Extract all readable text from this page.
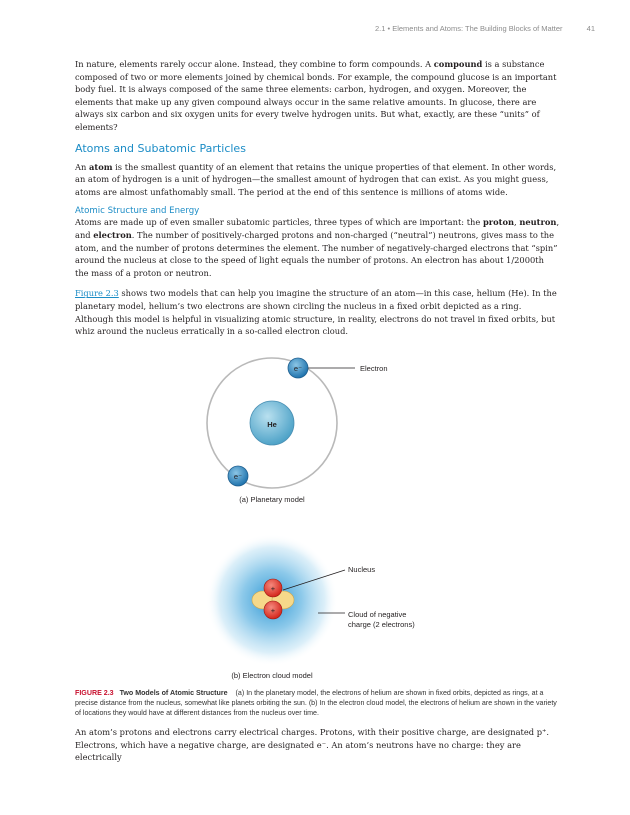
2.1 • Elements and Atoms: The Building Blocks of Matter	41

In nature, elements rarely occur alone. Instead, they combine to form compounds. A compound is a substance composed of two or more elements joined by chemical bonds. For example, the compound glucose is an important body fuel. It is always composed of the same three elements: carbon, hydrogen, and oxygen. Moreover, the elements that make up any given compound always occur in the same relative amounts. In glucose, there are always six carbon and six oxygen units for every twelve hydrogen units. But what, exactly, are these “units” of elements?

Atoms and Subatomic Particles

An atom is the smallest quantity of an element that retains the unique properties of that element. In other words, an atom of hydrogen is a unit of hydrogen—the smallest amount of hydrogen that can exist. As you might guess, atoms are almost unfathomably small. The period at the end of this sentence is millions of atoms wide.

Atomic Structure and Energy

Atoms are made up of even smaller subatomic particles, three types of which are important: the proton, neutron, and electron. The number of positively-charged protons and non-charged (“neutral”) neutrons, gives mass to the atom, and the number of protons determines the element. The number of negatively-charged electrons that “spin” around the nucleus at close to the speed of light equals the number of protons. An electron has about 1/2000th the mass of a proton or neutron.

Figure 2.3 shows two models that can help you imagine the structure of an atom—in this case, helium (He). In the planetary model, helium’s two electrons are shown circling the nucleus in a fixed orbit depicted as a ring. Although this model is helpful in visualizing atomic structure, in reality, electrons do not travel in fixed orbits, but whiz around the nucleus erratically in a so-called electron cloud.

He
e⁻
e⁻
Electron
(a) Planetary model
+
+
Nucleus
Cloud of negative
charge (2 electrons)
(b) Electron cloud model
FIGURE 2.3 Two Models of Atomic Structure (a) In the planetary model, the electrons of helium are shown in fixed orbits, depicted as rings, at a precise distance from the nucleus, somewhat like planets orbiting the sun. (b) In the electron cloud model, the electrons of helium are shown in the variety of locations they would have at different distances from the nucleus over time.

An atom’s protons and electrons carry electrical charges. Protons, with their positive charge, are designated p⁺. Electrons, which have a negative charge, are designated e⁻. An atom’s neutrons have no charge: they are electrically
